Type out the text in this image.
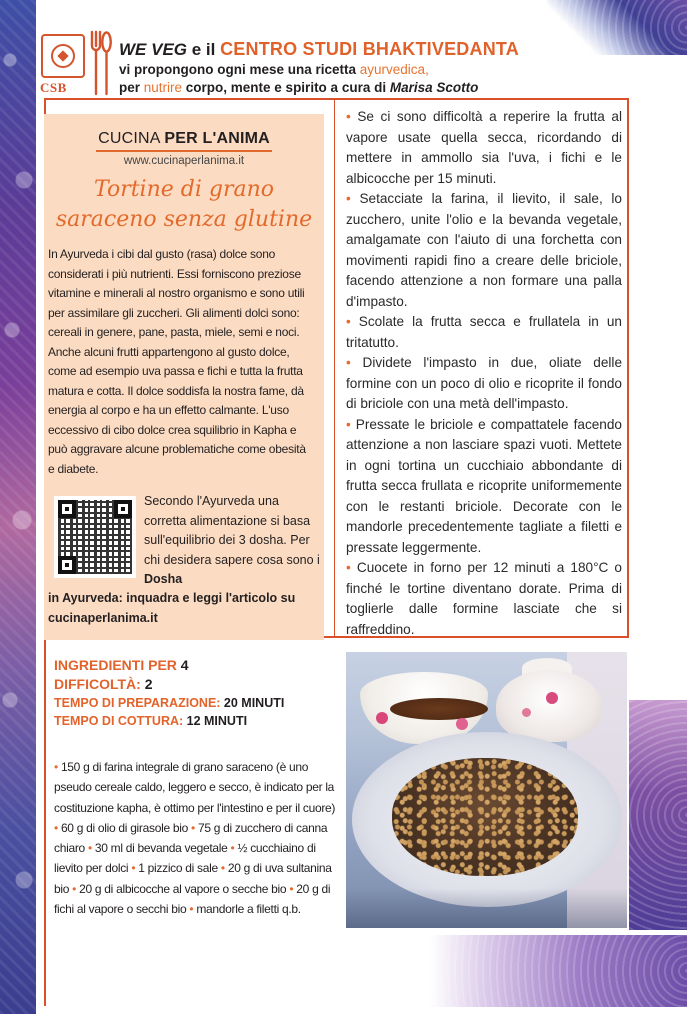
CSB
WE VEG e il CENTRO STUDI BHAKTIVEDANTA
vi propongono ogni mese una ricetta ayurvedica,
per nutrire corpo, mente e spirito a cura di Marisa Scotto
CUCINA PER L'ANIMA
www.cucinaperlanima.it
Tortine di grano
saraceno senza glutine
In Ayurveda i cibi dal gusto (rasa) dolce sono considerati i più nutrienti. Essi forniscono preziose vitamine e minerali al nostro organismo e sono utili per assimilare gli zuccheri. Gli alimenti dolci sono: cereali in genere, pane, pasta, miele, semi e noci. Anche alcuni frutti appartengono al gusto dolce, come ad esempio uva passa e fichi e tutta la frutta matura e cotta. Il dolce soddisfa la nostra fame, dà energia al corpo e ha un effetto calmante. L'uso eccessivo di cibo dolce crea squilibrio in Kapha e può aggravare alcune problematiche come obesità e diabete.
Secondo l'Ayurveda una corretta alimentazione si basa sull'equilibrio dei 3 dosha. Per chi desidera sapere cosa sono i Dosha
in Ayurveda: inquadra e leggi l'articolo su cucinaperlanima.it

• Se ci sono difficoltà a reperire la frutta al vapore usate quella secca, ricordando di mettere in ammollo sia l'uva, i fichi e le albicocche per 15 minuti.

• Setacciate la farina, il lievito, il sale, lo zucchero, unite l'olio e la bevanda vegetale, amalgamate con l'aiuto di una forchetta con movimenti rapidi fino a creare delle briciole, facendo attenzione a non formare una palla d'impasto.

• Scolate la frutta secca e frullatela in un tritatutto.

• Dividete l'impasto in due, oliate delle formine con un poco di olio e ricoprite il fondo di briciole con una metà dell'impasto.

• Pressate le briciole e compattatele facendo attenzione a non lasciare spazi vuoti. Mettete in ogni tortina un cucchiaio abbondante di frutta secca frullata e ricoprite uniformemente con le restanti briciole. Decorate con le mandorle precedentemente tagliate a filetti e pressate leggermente.

• Cuocete in forno per 12 minuti a 180°C o finché le tortine diventano dorate. Prima di toglierle dalle formine lasciate che si raffreddino.

INGREDIENTI PER 4
DIFFICOLTÀ: 2
TEMPO DI PREPARAZIONE: 20 MINUTI
TEMPO DI COTTURA: 12 MINUTI
• 150 g di farina integrale di grano saraceno (è uno pseudo cereale caldo, leggero e secco, è indicato per la costituzione kapha, è ottimo per l'intestino e per il cuore) • 60 g di olio di girasole bio • 75 g di zucchero di canna chiaro • 30 ml di bevanda vegetale • ½ cucchiaino di lievito per dolci • 1 pizzico di sale • 20 g di uva sultanina bio • 20 g di albicocche al vapore o secche bio • 20 g di fichi al vapore o secchi bio • mandorle a filetti q.b.
